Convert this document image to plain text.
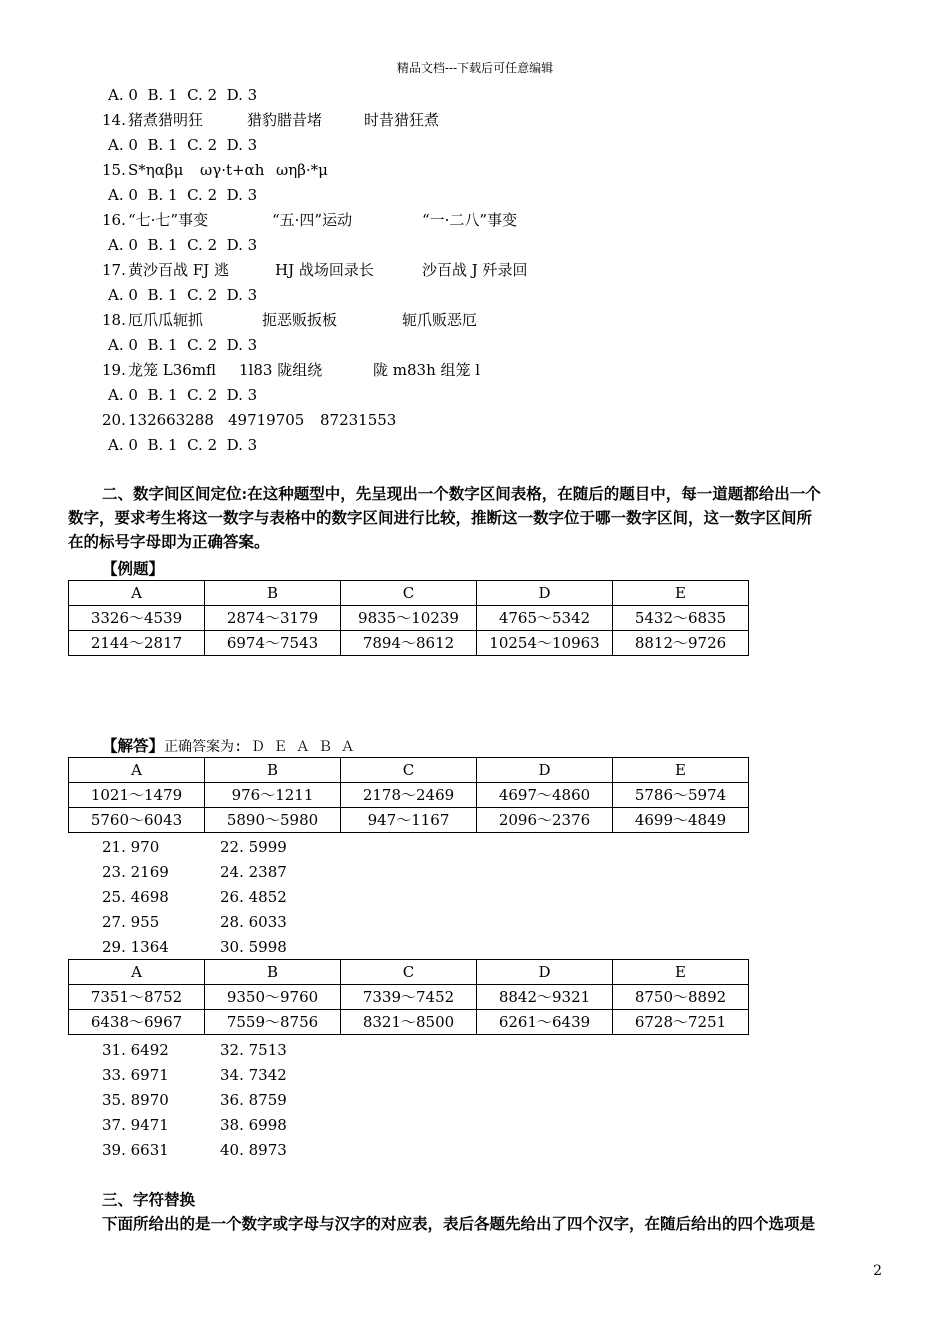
精品文档---下载后可任意编辑
A. 0  B. 1  C. 2  D. 3
14. 猪煮猎明狂	猎豹腊昔堵	时昔猎狂煮
A. 0  B. 1  C. 2  D. 3
15. S*ηαβμ ωγ·t+αh ωηβ·*μ
A. 0  B. 1  C. 2  D. 3
16. “七·七”事变	“五·四”运动	“一·二八”事变
A. 0  B. 1  C. 2  D. 3
17. 黄沙百战 FJ 逃	HJ 战场回录长	沙百战 J 歼录回
A. 0  B. 1  C. 2  D. 3
18. 厄爪瓜轭抓	扼恶贩扳板	轭爪贩恶厄
A. 0  B. 1  C. 2  D. 3
19. 龙笼 L36mfl 1l83 陇组绕	陇 m83h 组笼 l
A. 0  B. 1  C. 2  D. 3
20. 132663288 49719705 87231553
A. 0  B. 1  C. 2  D. 3
二、数字间区间定位:在这种题型中，先呈现出一个数字区间表格，在随后的题目中，每一道题都给出一个
数字，要求考生将这一数字与表格中的数字区间进行比较，推断这一数字位于哪一数字区间，这一数字区间所
在的标号字母即为正确答案。
【例题】
A	B	C	D	E
3326～4539	2874～3179	9835～10239	4765～5342	5432～6835
2144～2817	6974～7543	7894～8612	10254～10963	8812～9726
【解答】正确答案为: Ｄ Ｅ Ａ Ｂ Ａ
A	B	C	D	E
1021～1479	976～1211	2178～2469	4697～4860	5786～5974
5760～6043	5890～5980	947～1167	2096～2376	4699～4849
21. 970	22. 5999
23. 2169	24. 2387
25. 4698	26. 4852
27. 955	28. 6033
29. 1364	30. 5998
A	B	C	D	E
7351～8752	9350～9760	7339～7452	8842～9321	8750～8892
6438～6967	7559～8756	8321～8500	6261～6439	6728～7251
31. 6492	32. 7513
33. 6971	34. 7342
35. 8970	36. 8759
37. 9471	38. 6998
39. 6631	40. 8973
三、字符替换
下面所给出的是一个数字或字母与汉字的对应表，表后各题先给出了四个汉字，在随后给出的四个选项是
2
